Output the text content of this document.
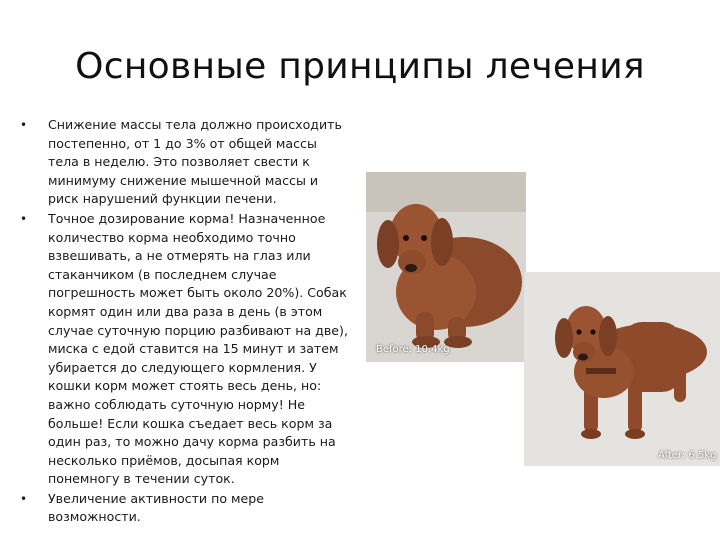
Основные принципы лечения
• Снижение массы тела должно происходить постепенно, от 1 до 3% от общей массы тела в неделю. Это позволяет свести к минимуму снижение мышечной массы и риск нарушений функции печени.
• Точное дозирование корма! Назначенное количество корма необходимо точно взвешивать, а не отмерять на глаз или стаканчиком (в последнем случае погрешность может быть около 20%). Собак кормят один или два раза в день (в этом случае суточную порцию разбивают на две), миска с едой ставится на 15 минут и затем убирается до следующего кормления. У кошки корм может стоять весь день, но: важно соблюдать суточную норму! Не больше! Если кошка съедает весь корм за один раз, то можно дачу корма разбить на несколько приёмов, досыпая корм понемногу в течении суток.
• Увеличение активности по мере возможности.
Before: 10.4kg
After: 6.5kg
